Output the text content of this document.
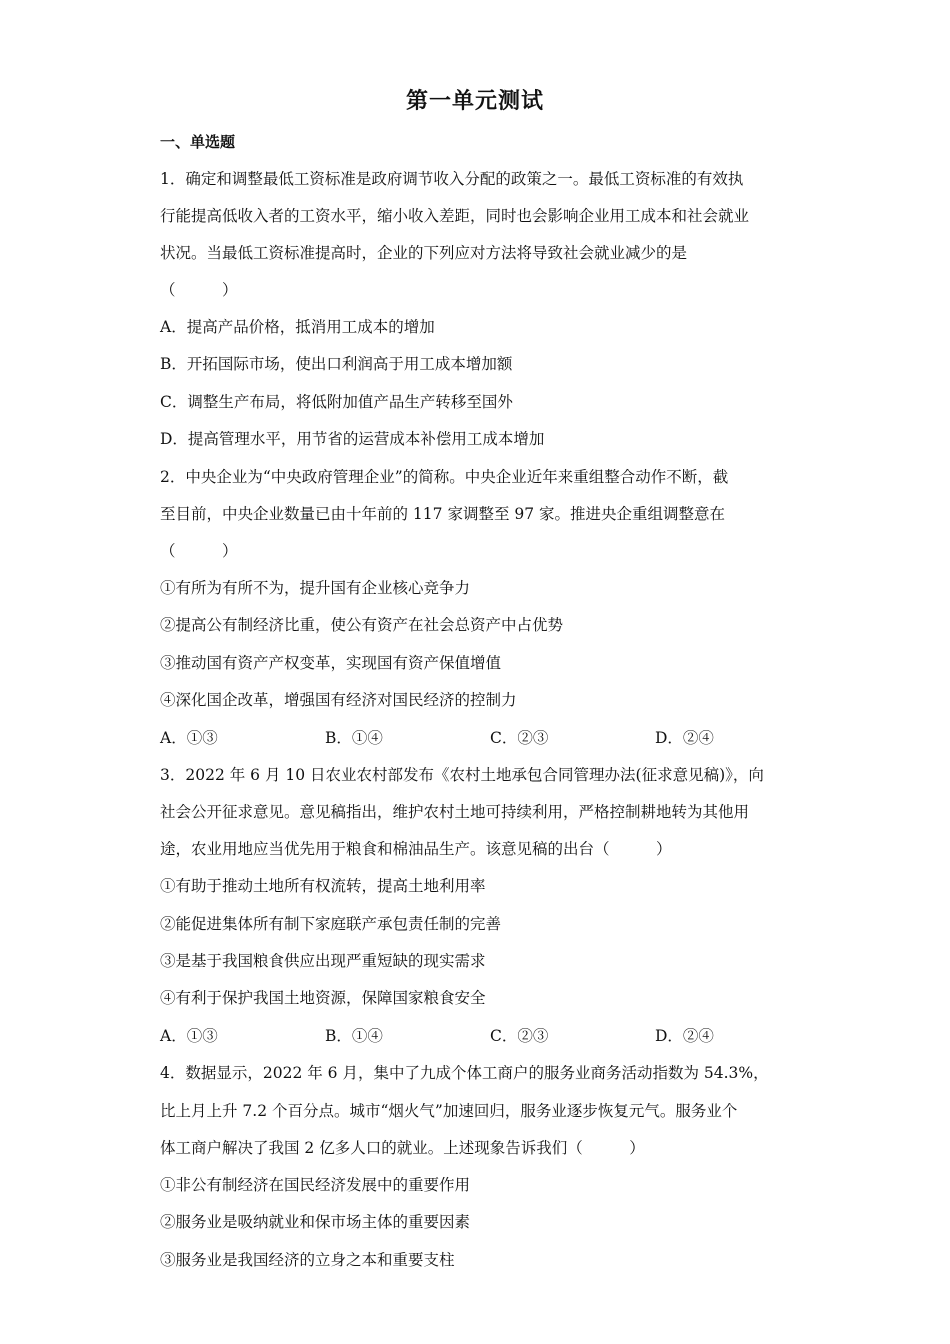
第一单元测试
一、单选题
1．确定和调整最低工资标准是政府调节收入分配的政策之一。最低工资标准的有效执
行能提高低收入者的工资水平，缩小收入差距，同时也会影响企业用工成本和社会就业
状况。当最低工资标准提高时，企业的下列应对方法将导致社会就业减少的是
（　　　）
A．提高产品价格，抵消用工成本的增加
B．开拓国际市场，使出口利润高于用工成本增加额
C．调整生产布局，将低附加值产品生产转移至国外
D．提高管理水平，用节省的运营成本补偿用工成本增加
2．中央企业为“中央政府管理企业”的简称。中央企业近年来重组整合动作不断，截
至目前，中央企业数量已由十年前的 117 家调整至 97 家。推进央企重组调整意在
（　　　）
①有所为有所不为，提升国有企业核心竞争力
②提高公有制经济比重，使公有资产在社会总资产中占优势
③推动国有资产产权变革，实现国有资产保值增值
④深化国企改革，增强国有经济对国民经济的控制力
A．①③	B．①④	C．②③	D．②④
3．2022 年 6 月 10 日农业农村部发布《农村土地承包合同管理办法(征求意见稿)》，向
社会公开征求意见。意见稿指出，维护农村土地可持续利用，严格控制耕地转为其他用
途，农业用地应当优先用于粮食和棉油品生产。该意见稿的出台（　　　）
①有助于推动土地所有权流转，提高土地利用率
②能促进集体所有制下家庭联产承包责任制的完善
③是基于我国粮食供应出现严重短缺的现实需求
④有利于保护我国土地资源，保障国家粮食安全
A．①③	B．①④	C．②③	D．②④
4．数据显示，2022 年 6 月，集中了九成个体工商户的服务业商务活动指数为 54.3%，
比上月上升 7.2 个百分点。城市“烟火气”加速回归，服务业逐步恢复元气。服务业个
体工商户解决了我国 2 亿多人口的就业。上述现象告诉我们（　　　）
①非公有制经济在国民经济发展中的重要作用
②服务业是吸纳就业和保市场主体的重要因素
③服务业是我国经济的立身之本和重要支柱
